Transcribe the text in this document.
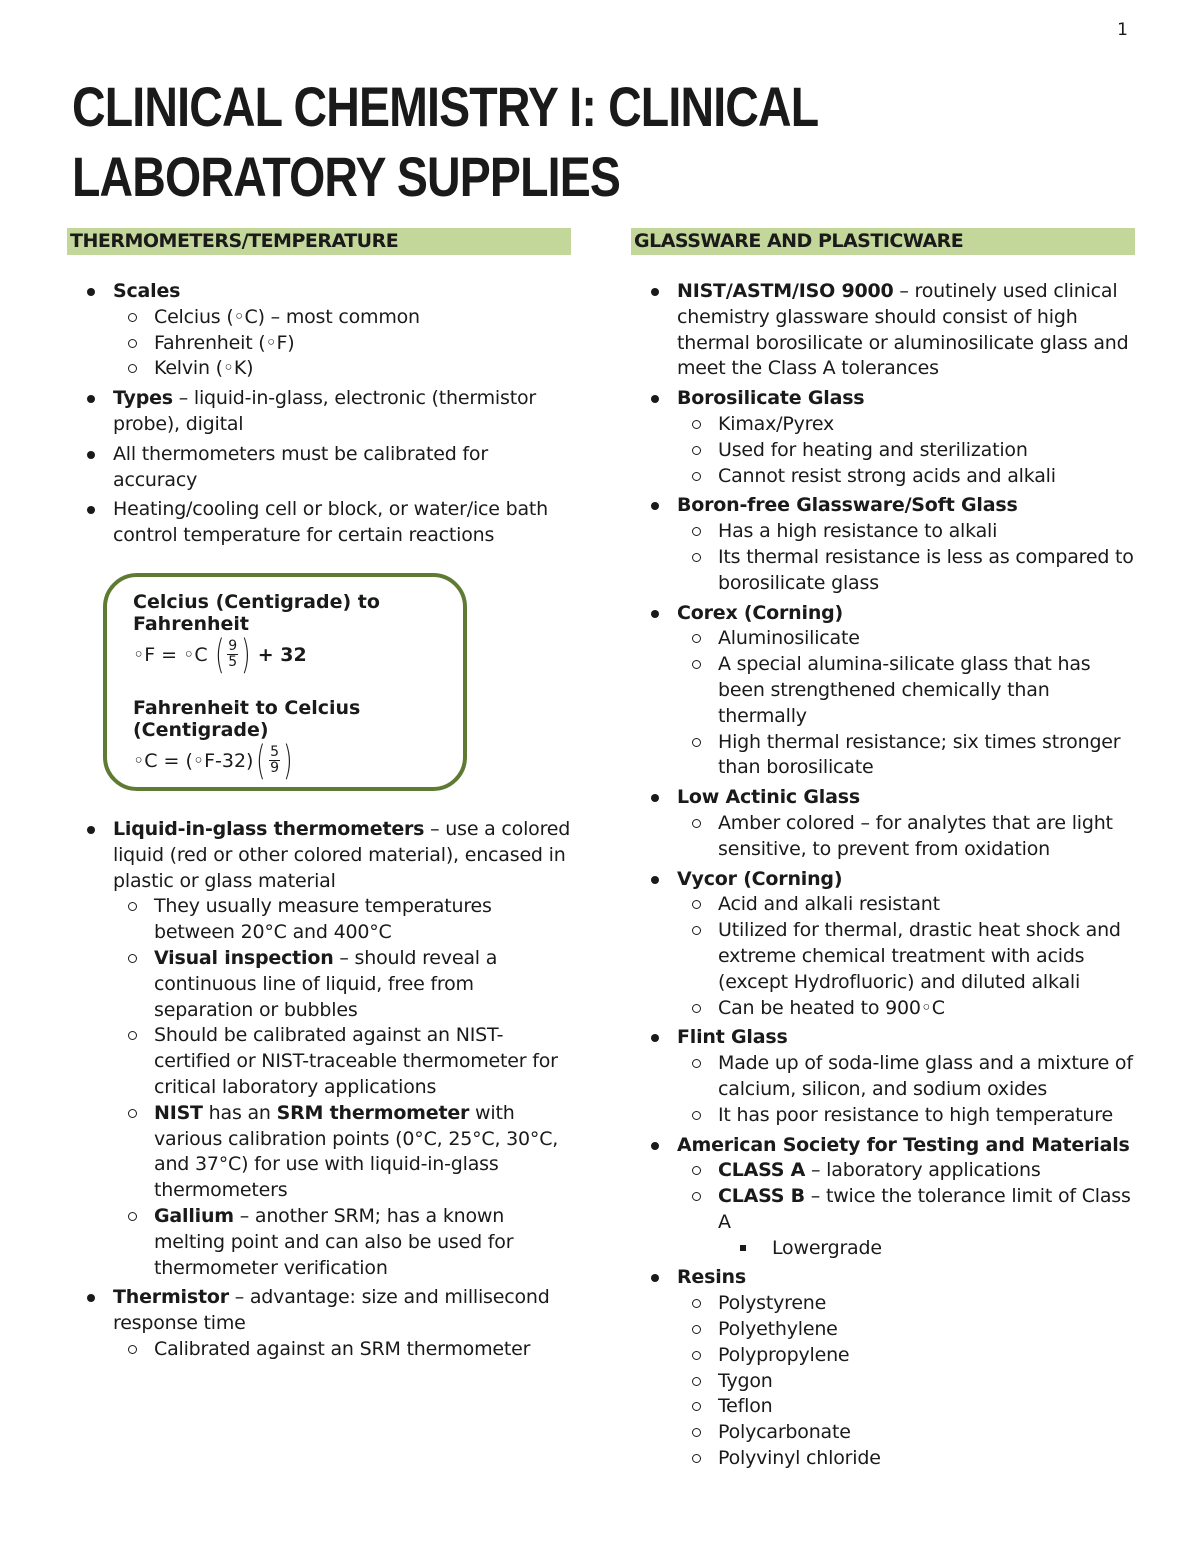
1
CLINICAL CHEMISTRY I: CLINICAL
LABORATORY SUPPLIES
THERMOMETERS/TEMPERATURE
Scales
Celcius (◦C) – most common
Fahrenheit (◦F)
Kelvin (◦K)
Types – liquid-in-glass, electronic (thermistor probe), digital
All thermometers must be calibrated for accuracy
Heating/cooling cell or block, or water/ice bath control temperature for certain reactions
Celcius (Centigrade) to Fahrenheit
◦F = ◦C ( $\frac{9}{5}$ ) + 32
Fahrenheit to Celcius (Centigrade)
◦C = (◦F-32) ( $\frac{5}{9}$ )
Liquid-in-glass thermometers – use a colored liquid (red or other colored material), encased in plastic or glass material
They usually measure temperatures between 20°C and 400°C
Visual inspection – should reveal a continuous line of liquid, free from separation or bubbles
Should be calibrated against an NIST-certified or NIST-traceable thermometer for critical laboratory applications
NIST has an SRM thermometer with various calibration points (0°C, 25°C, 30°C, and 37°C) for use with liquid-in-glass thermometers
Gallium – another SRM; has a known melting point and can also be used for thermometer verification
Thermistor – advantage: size and millisecond response time
Calibrated against an SRM thermometer
GLASSWARE AND PLASTICWARE
NIST/ASTM/ISO 9000 – routinely used clinical chemistry glassware should consist of high thermal borosilicate or aluminosilicate glass and meet the Class A tolerances
Borosilicate Glass
Kimax/Pyrex
Used for heating and sterilization
Cannot resist strong acids and alkali
Boron-free Glassware/Soft Glass
Has a high resistance to alkali
Its thermal resistance is less as compared to borosilicate glass
Corex (Corning)
Aluminosilicate
A special alumina-silicate glass that has been strengthened chemically than thermally
High thermal resistance; six times stronger than borosilicate
Low Actinic Glass
Amber colored – for analytes that are light sensitive, to prevent from oxidation
Vycor (Corning)
Acid and alkali resistant
Utilized for thermal, drastic heat shock and extreme chemical treatment with acids (except Hydrofluoric) and diluted alkali
Can be heated to 900◦C
Flint Glass
Made up of soda-lime glass and a mixture of calcium, silicon, and sodium oxides
It has poor resistance to high temperature
American Society for Testing and Materials
CLASS A – laboratory applications
CLASS B – twice the tolerance limit of Class A
Lowergrade
Resins
Polystyrene
Polyethylene
Polypropylene
Tygon
Teflon
Polycarbonate
Polyvinyl chloride
